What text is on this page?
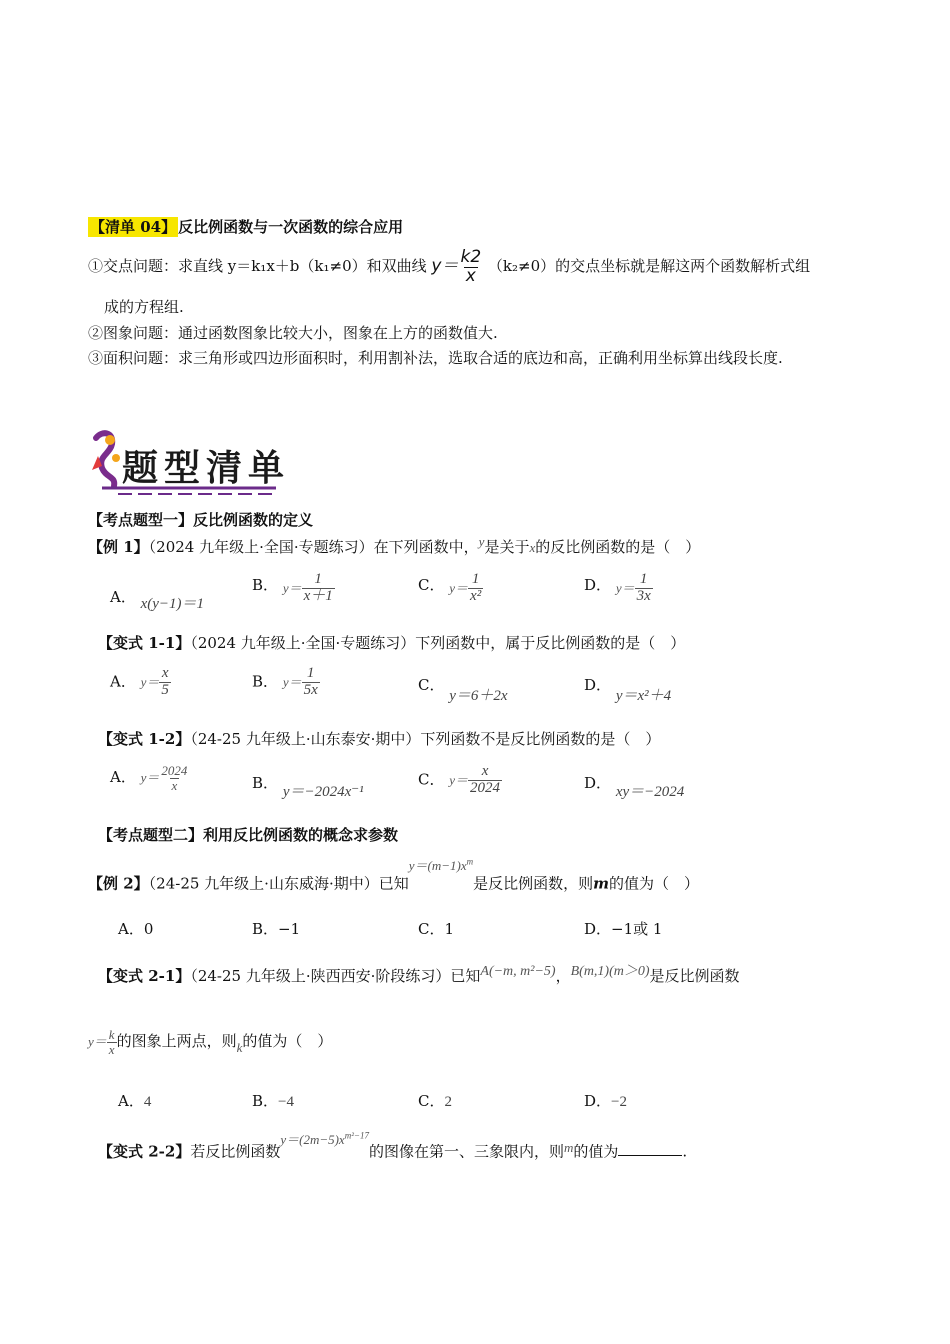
【清单 04】 反比例函数与一次函数的综合应用
①交点问题：求直线 y＝k₁x＋b（k₁≠0）和双曲线 $y= \frac{k2}{x} (k_2\ne 0)$的交点坐标就是解这两个函数解析式组
成的方程组.
②图象问题：通过函数图象比较大小，图象在上方的函数值大.
③面积问题：求三角形或四边形面积时，利用割补法，选取合适的底边和高，正确利用坐标算出线段长度.
题型清单
【考点题型一】反比例函数的定义
【例 1】（2024 九年级上·全国·专题练习）在下列函数中，y是关于x的反比例函数的是（　）
A． x(y−1)＝1
B． $y= \frac{1}{x+1}$	C． $y= \frac{1}{\text{x²}}$	D． $y= \frac{1}{3x}$
【变式 1-1】（2024 九年级上·全国·专题练习）下列函数中，属于反比例函数的是（　）
A． $y= \frac{x}{5}$	B． $y= \frac{1}{5x}$	C． y＝6＋2x
D． y＝x²＋4
【变式 1-2】（24-25 九年级上·山东泰安·期中）下列函数不是反比例函数的是（　）
A． $y= \frac{2024}{x}$	B． y＝−2024x⁻¹
C． $y= \frac{x}{2024}$	D． xy＝−2024
【考点题型二】利用反比例函数的概念求参数
【例 2】（24-25 九年级上·山东威海·期中）已知$y=(m-1)x^m$是反比例函数，则m的值为（　）
A．0	B．−1	C．1	D．−1或 1
【变式 2-1】（24-25 九年级上·陕西西安·阶段练习）已知A(−m, m²−5)，B(m,1)(m＞0)是反比例函数
$y= \frac{k}{x}$ 的图象上两点，则k的值为（　）
A．4	B．−4	C．2	D．−2
【变式 2-2】若反比例函数$y=(2m-5)x^{m^2-17}$的图像在第一、三象限内，则m的值为	.
